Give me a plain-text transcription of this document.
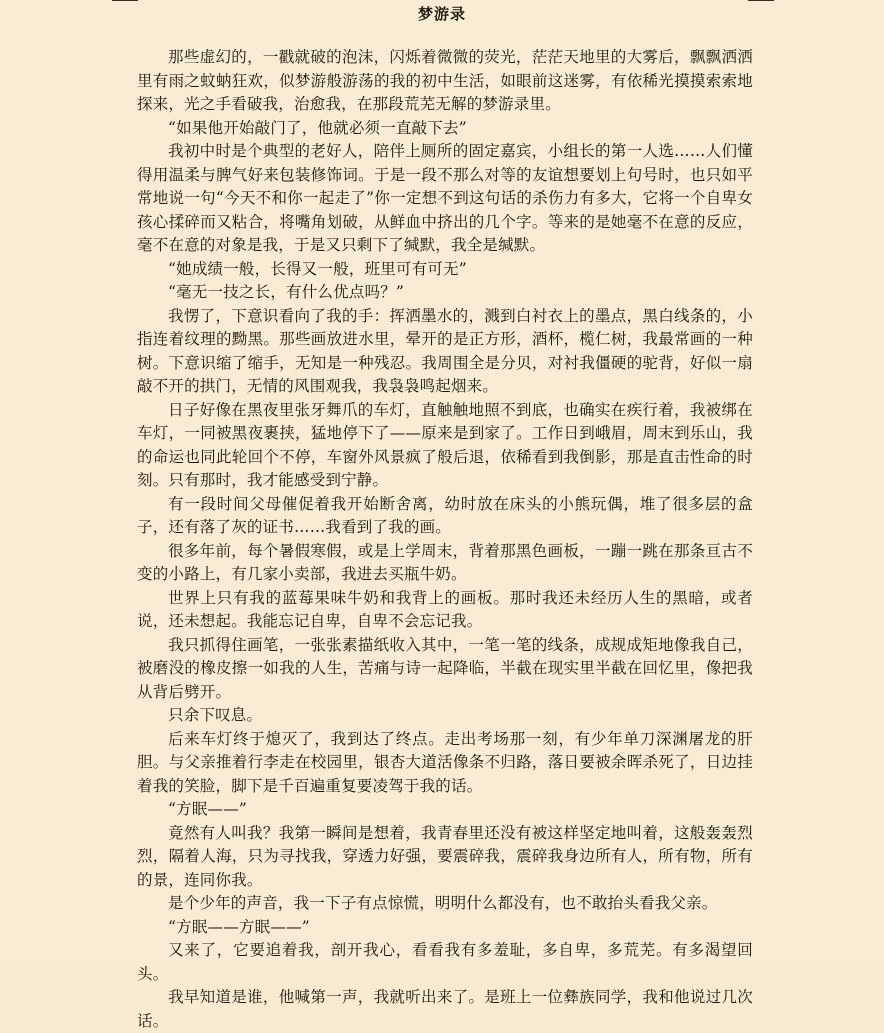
梦游录

那些虚幻的，一戳就破的泡沫，闪烁着微微的荧光，茫茫天地里的大雾后，飘飘洒洒里有雨之蚊蚋狂欢，似梦游般游荡的我的初中生活，如眼前这迷雾，有依稀光摸摸索索地探来，光之手看破我，治愈我，在那段荒芜无解的梦游录里。

“如果他开始敲门了，他就必须一直敲下去”

我初中时是个典型的老好人，陪伴上厕所的固定嘉宾，小组长的第一人选……人们懂得用温柔与脾气好来包装修饰词。于是一段不那么对等的友谊想要划上句号时，也只如平常地说一句“今天不和你一起走了”你一定想不到这句话的杀伤力有多大，它将一个自卑女孩心揉碎而又粘合，将嘴角划破，从鲜血中挤出的几个字。等来的是她毫不在意的反应，毫不在意的对象是我，于是又只剩下了缄默，我全是缄默。

“她成绩一般，长得又一般，班里可有可无”

“毫无一技之长，有什么优点吗？”

我愣了，下意识看向了我的手：挥洒墨水的，溅到白衬衣上的墨点，黑白线条的，小指连着纹理的黝黑。那些画放进水里，晕开的是正方形，酒杯，榄仁树，我最常画的一种树。下意识缩了缩手，无知是一种残忍。我周围全是分贝，对衬我僵硬的驼背，好似一扇敲不开的拱门，无情的风围观我，我袅袅鸣起烟来。

日子好像在黑夜里张牙舞爪的车灯，直触触地照不到底，也确实在疾行着，我被绑在车灯，一同被黑夜裹挟，猛地停下了——原来是到家了。工作日到峨眉，周末到乐山，我的命运也同此轮回个不停，车窗外风景疯了般后退，依稀看到我倒影，那是直击性命的时刻。只有那时，我才能感受到宁静。

有一段时间父母催促着我开始断舍离，幼时放在床头的小熊玩偶，堆了很多层的盒子，还有落了灰的证书……我看到了我的画。

很多年前，每个暑假寒假，或是上学周末，背着那黑色画板，一蹦一跳在那条亘古不变的小路上，有几家小卖部，我进去买瓶牛奶。

世界上只有我的蓝莓果味牛奶和我背上的画板。那时我还未经历人生的黑暗，或者说，还未想起。我能忘记自卑，自卑不会忘记我。

我只抓得住画笔，一张张素描纸收入其中，一笔一笔的线条，成规成矩地像我自己，被磨没的橡皮擦一如我的人生，苦痛与诗一起降临，半截在现实里半截在回忆里，像把我从背后劈开。

只余下叹息。

后来车灯终于熄灭了，我到达了终点。走出考场那一刻，有少年单刀深渊屠龙的肝胆。与父亲推着行李走在校园里，银杏大道活像条不归路，落日要被余晖杀死了，日边挂着我的笑脸，脚下是千百遍重复要凌驾于我的话。

“方眠——”

竟然有人叫我？我第一瞬间是想着，我青春里还没有被这样坚定地叫着，这般轰轰烈烈，隔着人海，只为寻找我，穿透力好强，要震碎我，震碎我身边所有人，所有物，所有的景，连同你我。

是个少年的声音，我一下子有点惊慌，明明什么都没有，也不敢抬头看我父亲。

“方眠——方眠——”

又来了，它要追着我，剖开我心，看看我有多羞耻，多自卑，多荒芜。有多渴望回头。

我早知道是谁，他喊第一声，我就听出来了。是班上一位彝族同学，我和他说过几次话。
